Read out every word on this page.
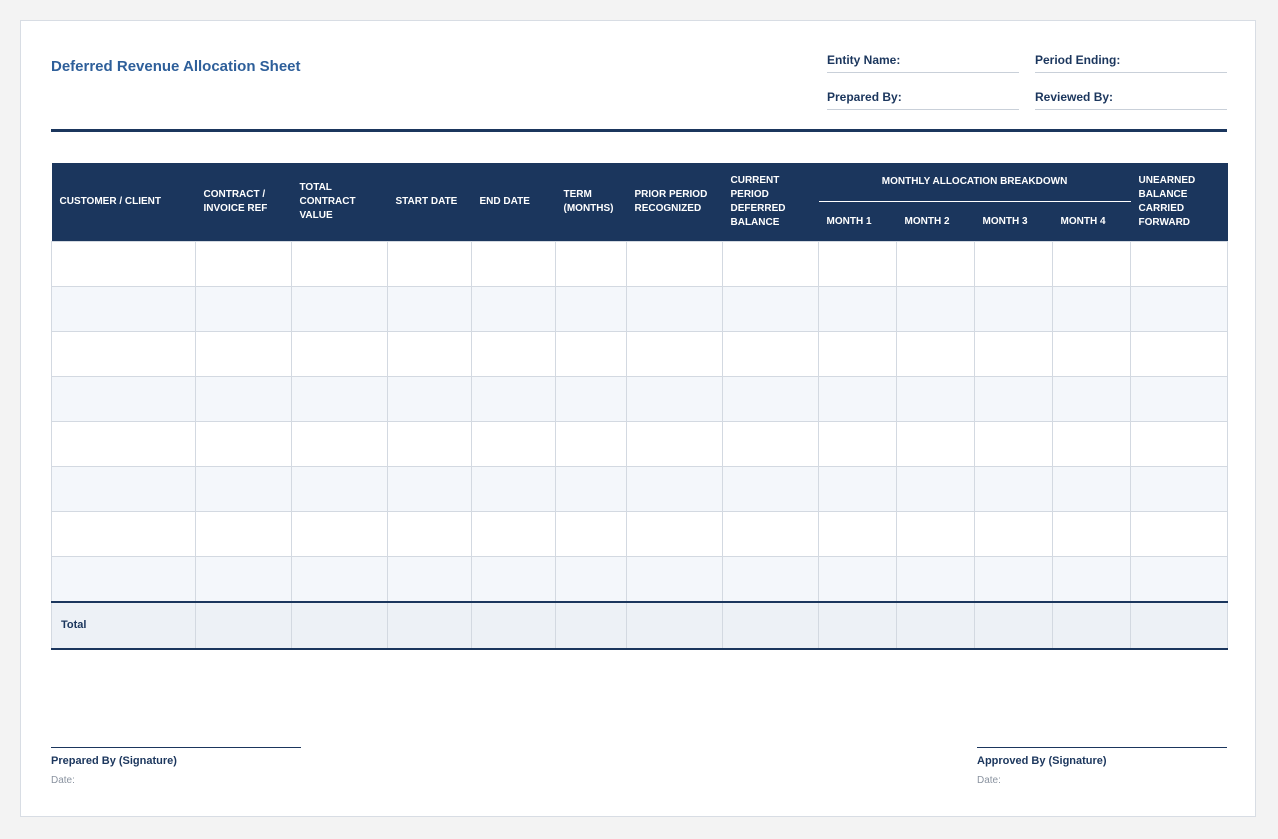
Deferred Revenue Allocation Sheet	Entity Name:	Period Ending:
Prepared By:	Reviewed By:
CUSTOMER / CLIENT	CONTRACT / INVOICE REF	TOTAL CONTRACT VALUE	START DATE	END DATE	TERM (MONTHS)	PRIOR PERIOD RECOGNIZED	CURRENT PERIOD DEFERRED BALANCE	MONTHLY ALLOCATION BREAKDOWN				UNEARNED BALANCE CARRIED FORWARD
								MONTH 1	MONTH 2	MONTH 3	MONTH 4	

Total												
Prepared By (Signature)
Date:
Approved By (Signature)
Date:
